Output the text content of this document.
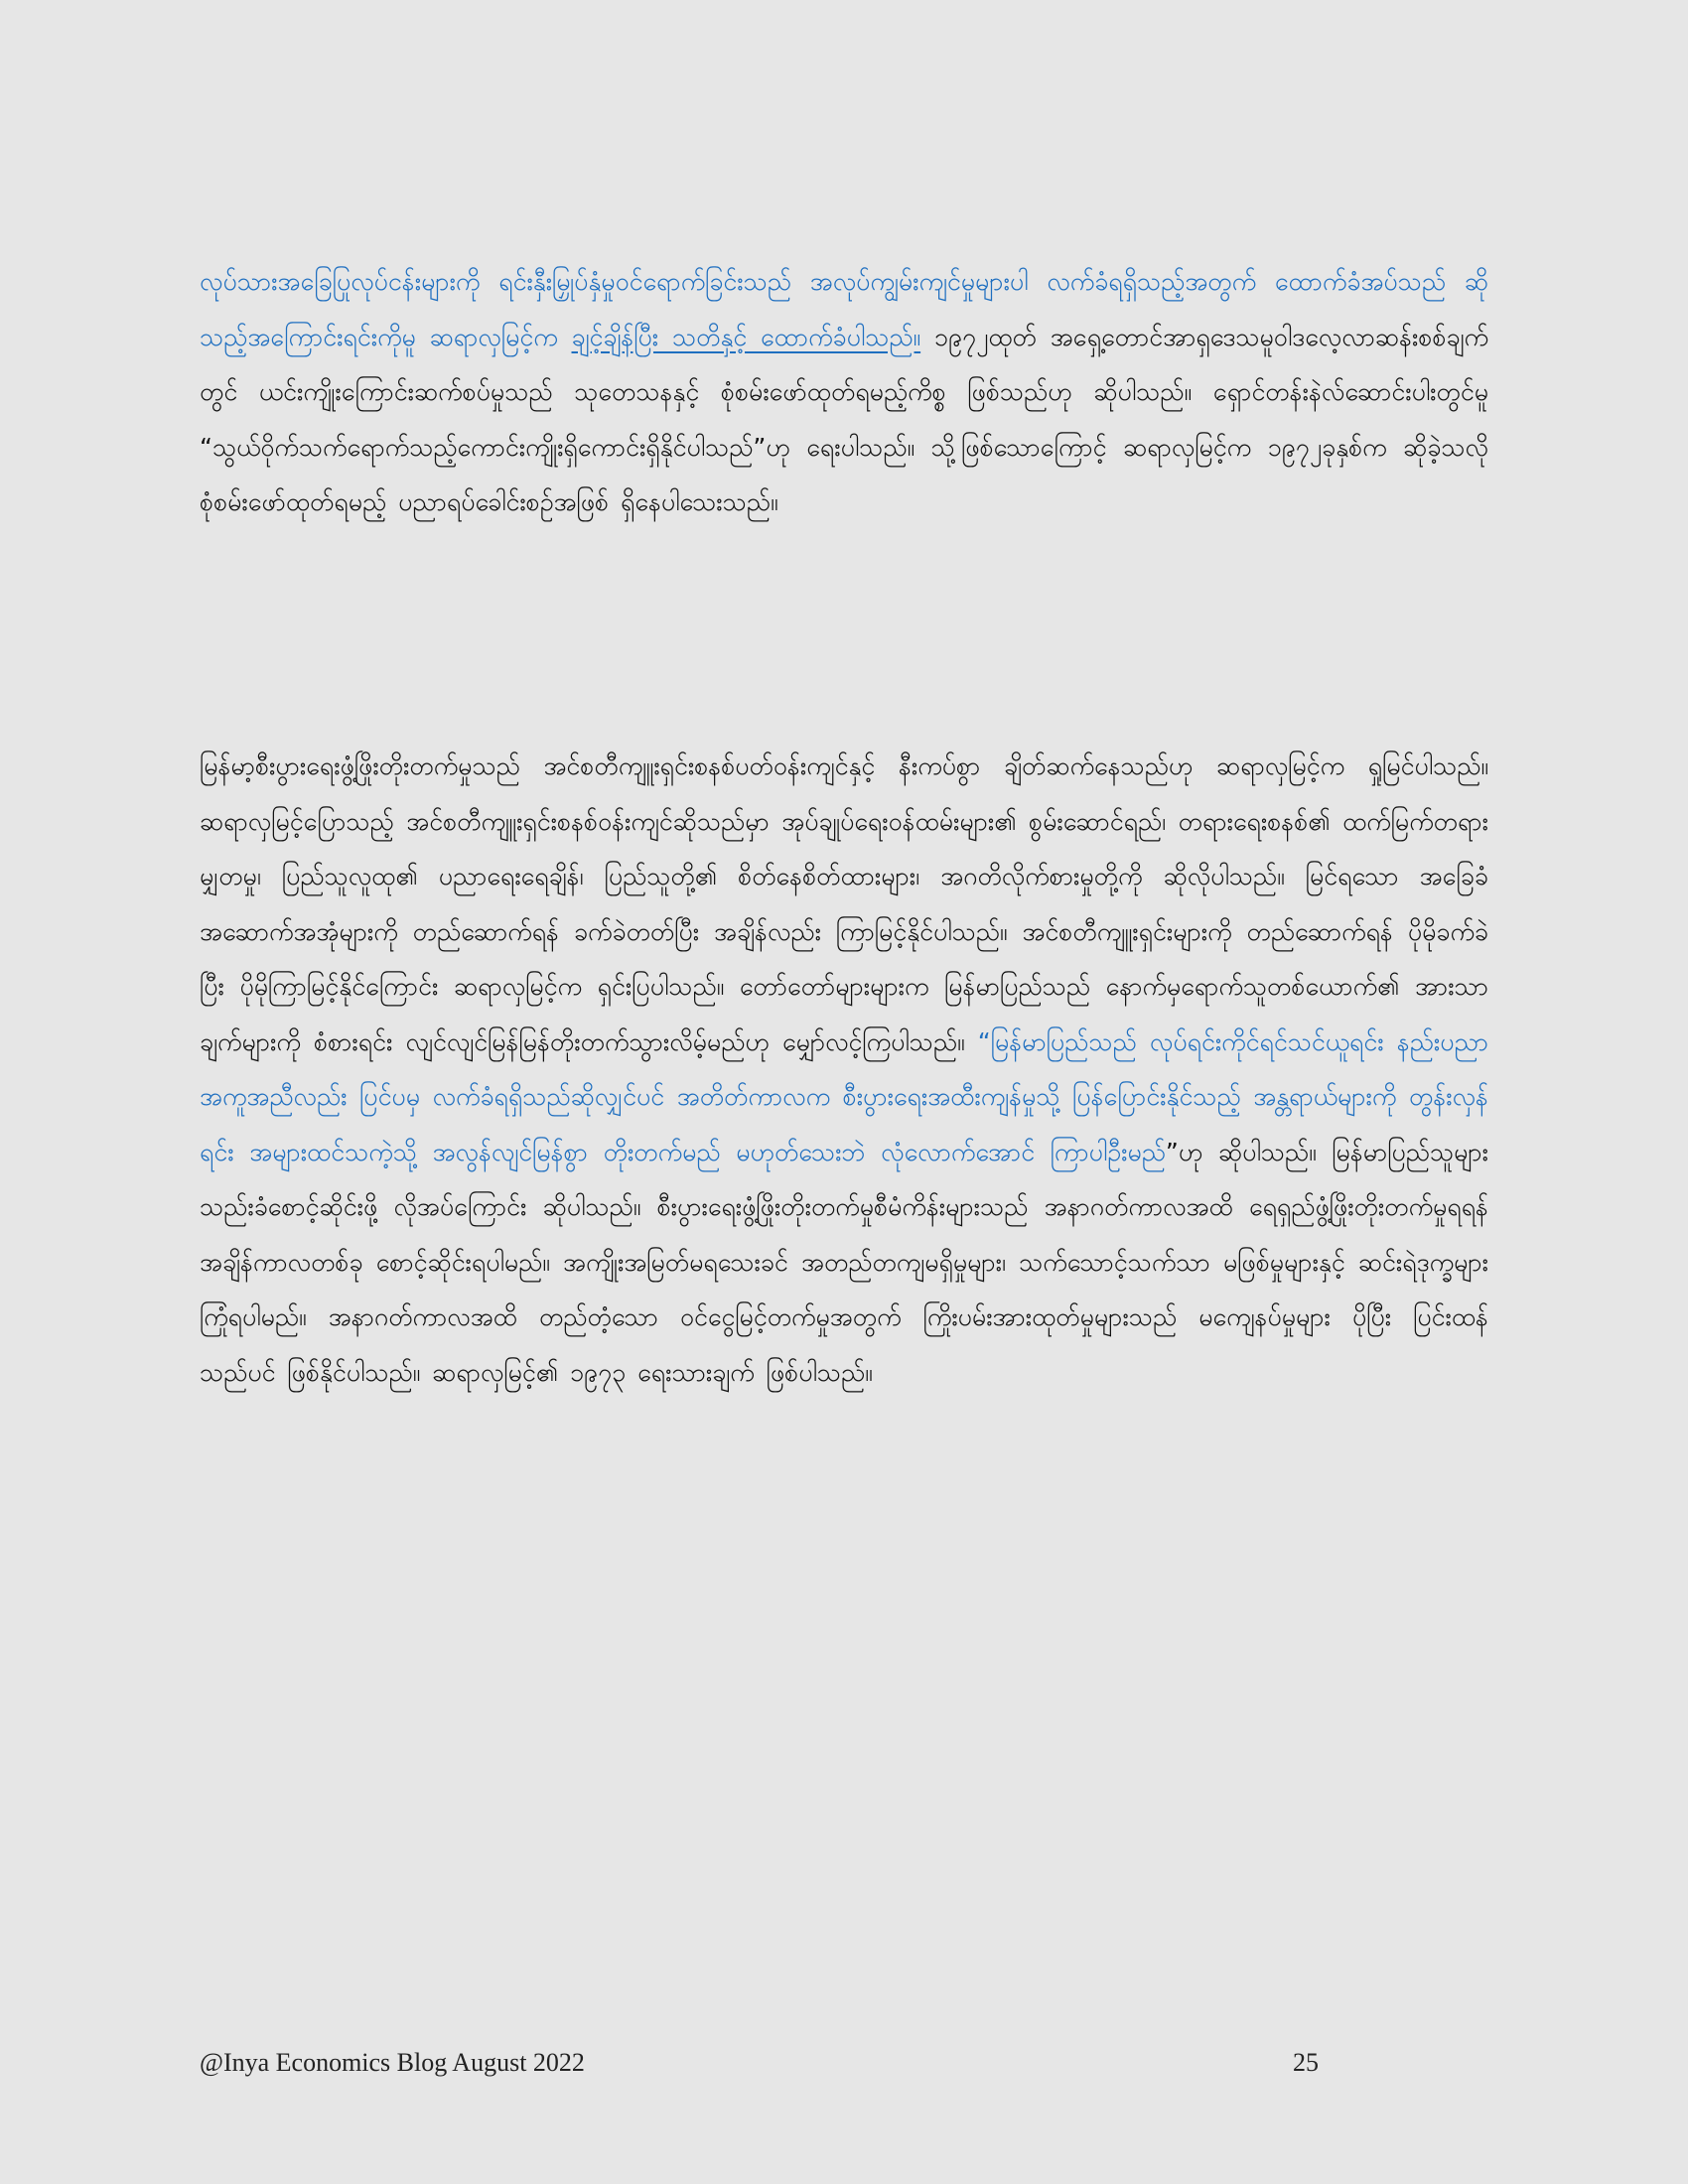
လုပ်သားအခြေပြုလုပ်ငန်းများကို ရင်းနှီးမြှုပ်နှံမှုဝင်ရောက်ခြင်းသည် အလုပ်ကျွမ်းကျင်မှုများပါ လက်ခံရရှိသည့်အတွက် ထောက်ခံအပ်သည် ဆိုသည့်အကြောင်းရင်းကိုမူ ဆရာလှမြင့်က ချင့်ချိန်ပြီး သတိနှင့် ထောက်ခံပါသည်။ ၁၉၇၂ထုတ် အရှေ့တောင်အာရှဒေသမူဝါဒလေ့လာဆန်းစစ်ချက်တွင် ယင်းကျိုးကြောင်းဆက်စပ်မှုသည် သုတေသနနှင့် စုံစမ်းဖော်ထုတ်ရမည့်ကိစ္စ ဖြစ်သည်ဟု ဆိုပါသည်။ ရှောင်တန်းနဲလ်ဆောင်းပါးတွင်မူ “သွယ်ဝိုက်သက်ရောက်သည့်ကောင်းကျိုးရှိကောင်းရှိနိုင်ပါသည်”ဟု ရေးပါသည်။ သို့ဖြစ်သောကြောင့် ဆရာလှမြင့်က ၁၉၇၂ခုနှစ်က ဆိုခဲ့သလို စုံစမ်းဖော်ထုတ်ရမည့် ပညာရပ်ခေါင်းစဉ်အဖြစ် ရှိနေပါသေးသည်။

မြန်မာ့စီးပွားရေးဖွံ့ဖြိုးတိုးတက်မှုသည် အင်စတီကျူးရှင်းစနစ်ပတ်ဝန်းကျင်နှင့် နီးကပ်စွာ ချိတ်ဆက်နေသည်ဟု ဆရာလှမြင့်က ရှုမြင်ပါသည်။ ဆရာလှမြင့်ပြောသည့် အင်စတီကျူးရှင်းစနစ်ဝန်းကျင်ဆိုသည်မှာ အုပ်ချုပ်ရေးဝန်ထမ်းများ၏ စွမ်းဆောင်ရည်၊ တရားရေးစနစ်၏ ထက်မြက်တရားမျှတမှု၊ ပြည်သူလူထု၏ ပညာရေးရေချိန်၊ ပြည်သူတို့၏ စိတ်နေစိတ်ထားများ၊ အဂတိလိုက်စားမှုတို့ကို ဆိုလိုပါသည်။ မြင်ရသော အခြေခံအဆောက်အအုံများကို တည်ဆောက်ရန် ခက်ခဲတတ်ပြီး အချိန်လည်း ကြာမြင့်နိုင်ပါသည်။ အင်စတီကျူးရှင်းများကို တည်ဆောက်ရန် ပိုမိုခက်ခဲပြီး ပိုမိုကြာမြင့်နိုင်ကြောင်း ဆရာလှမြင့်က ရှင်းပြပါသည်။ တော်တော်များများက မြန်မာပြည်သည် နောက်မှရောက်သူတစ်ယောက်၏ အားသာချက်များကို စံစားရင်း လျင်လျင်မြန်မြန်တိုးတက်သွားလိမ့်မည်ဟု မျှော်လင့်ကြပါသည်။ “မြန်မာပြည်သည် လုပ်ရင်းကိုင်ရင်သင်ယူရင်း နည်းပညာအကူအညီလည်း ပြင်ပမှ လက်ခံရရှိသည်ဆိုလျှင်ပင် အတိတ်ကာလက စီးပွားရေးအထီးကျန်မှုသို့ ပြန်ပြောင်းနိုင်သည့် အန္တရာယ်များကို တွန်းလှန်ရင်း အများထင်သကဲ့သို့ အလွန်လျင်မြန်စွာ တိုးတက်မည် မဟုတ်သေးဘဲ လုံလောက်အောင် ကြာပါဦးမည်”ဟု ဆိုပါသည်။ မြန်မာပြည်သူများ သည်းခံစောင့်ဆိုင်းဖို့ လိုအပ်ကြောင်း ဆိုပါသည်။ စီးပွားရေးဖွံ့ဖြိုးတိုးတက်မှုစီမံကိန်းများသည် အနာဂတ်ကာလအထိ ရေရှည်ဖွံ့ဖြိုးတိုးတက်မှုရရန် အချိန်ကာလတစ်ခု စောင့်ဆိုင်းရပါမည်။ အကျိုးအမြတ်မရသေးခင် အတည်တကျမရှိမှုများ၊ သက်သောင့်သက်သာ မဖြစ်မှုများနှင့် ဆင်းရဲဒုက္ခများ ကြုံရပါမည်။ အနာဂတ်ကာလအထိ တည်တံ့သော ဝင်ငွေမြင့်တက်မှုအတွက် ကြိုးပမ်းအားထုတ်မှုများသည် မကျေနပ်မှုများ ပိုပြီး ပြင်းထန်သည်ပင် ဖြစ်နိုင်ပါသည်။ ဆရာလှမြင့်၏ ၁၉၇၃ ရေးသားချက် ဖြစ်ပါသည်။

@Inya Economics Blog August 2022	25
